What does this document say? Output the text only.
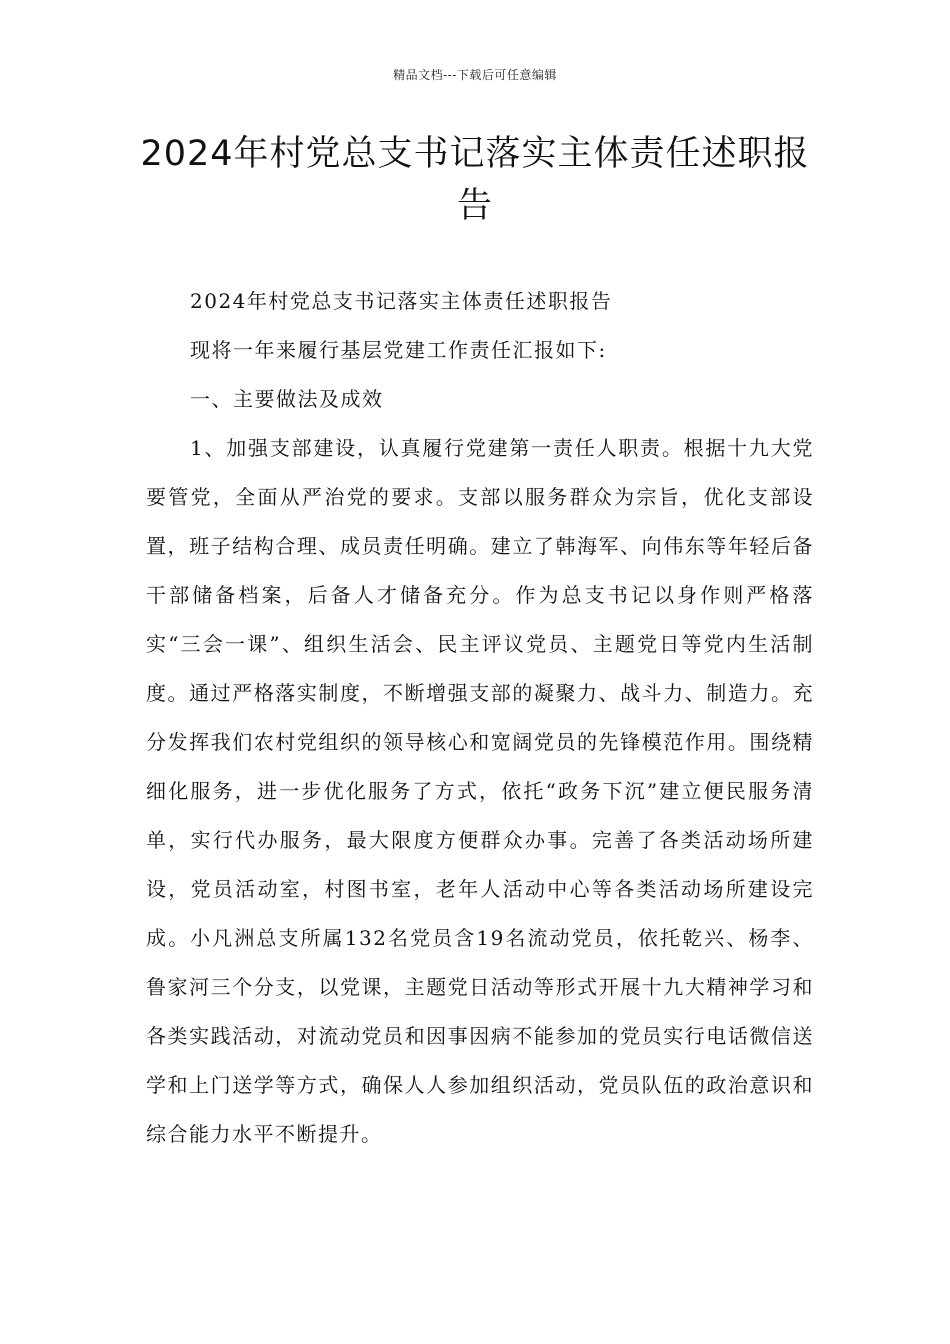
精品文档---下载后可任意编辑
2024年村党总支书记落实主体责任述职报告

2024年村党总支书记落实主体责任述职报告

现将一年来履行基层党建工作责任汇报如下:

一、主要做法及成效

1、加强支部建设，认真履行党建第一责任人职责。根据十九大党要管党，全面从严治党的要求。支部以服务群众为宗旨，优化支部设置，班子结构合理、成员责任明确。建立了韩海军、向伟东等年轻后备干部储备档案，后备人才储备充分。作为总支书记以身作则严格落实“三会一课”、组织生活会、民主评议党员、主题党日等党内生活制度。通过严格落实制度，不断增强支部的凝聚力、战斗力、制造力。充分发挥我们农村党组织的领导核心和宽阔党员的先锋模范作用。围绕精细化服务，进一步优化服务了方式，依托“政务下沉”建立便民服务清单，实行代办服务，最大限度方便群众办事。完善了各类活动场所建设，党员活动室，村图书室，老年人活动中心等各类活动场所建设完成。小凡洲总支所属132名党员含19名流动党员，依托乾兴、杨李、鲁家河三个分支，以党课，主题党日活动等形式开展十九大精神学习和各类实践活动，对流动党员和因事因病不能参加的党员实行电话微信送学和上门送学等方式，确保人人参加组织活动，党员队伍的政治意识和综合能力水平不断提升。
